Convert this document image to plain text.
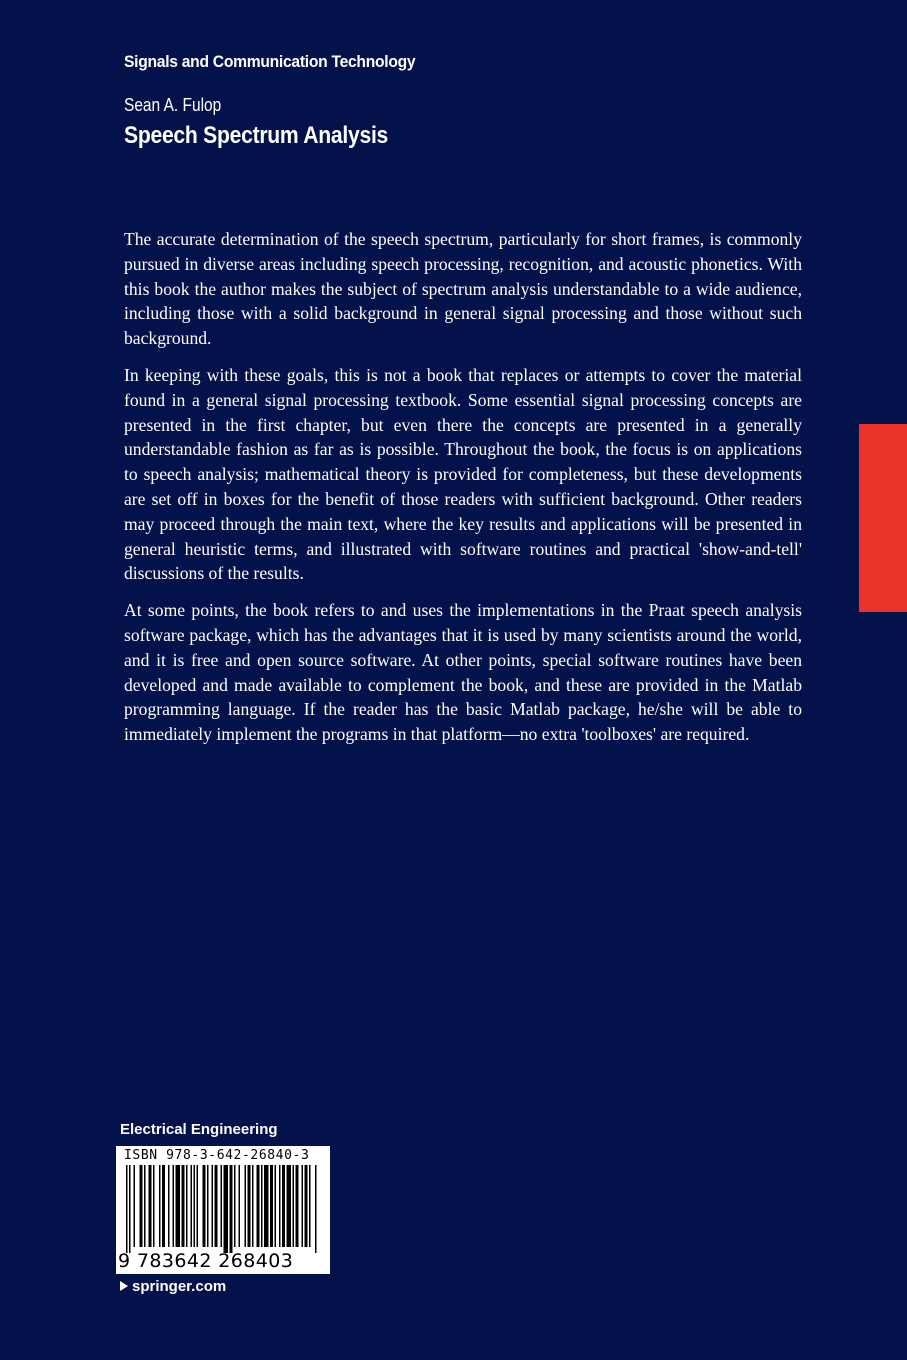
Signals and Communication Technology
Sean A. Fulop
Speech Spectrum Analysis

The accurate determination of the speech spectrum, particularly for short frames, is commonly pursued in diverse areas including speech processing, recognition, and acoustic phonetics. With this book the author makes the subject of spectrum analysis understandable to a wide audience, including those with a solid background in general signal processing and those without such background.

In keeping with these goals, this is not a book that replaces or attempts to cover the material found in a general signal processing textbook. Some essential signal processing concepts are presented in the first chapter, but even there the concepts are presented in a generally understandable fashion as far as is possible. Throughout the book, the focus is on applications to speech analysis; mathematical theory is provided for completeness, but these developments are set off in boxes for the benefit of those readers with sufficient background. Other readers may proceed through the main text, where the key results and applications will be presented in general heuristic terms, and illustrated with software routines and practical 'show-and-tell' discussions of the results.

At some points, the book refers to and uses the implementations in the Praat speech analysis software package, which has the advantages that it is used by many scientists around the world, and it is free and open source software. At other points, special software routines have been developed and made available to complement the book, and these are provided in the Matlab programming language. If the reader has the basic Matlab package, he/she will be able to immediately implement the programs in that platform—no extra 'toolboxes' are required.

Electrical Engineering
ISBN 978-3-642-26840-3
9 783642 268403
springer.com
